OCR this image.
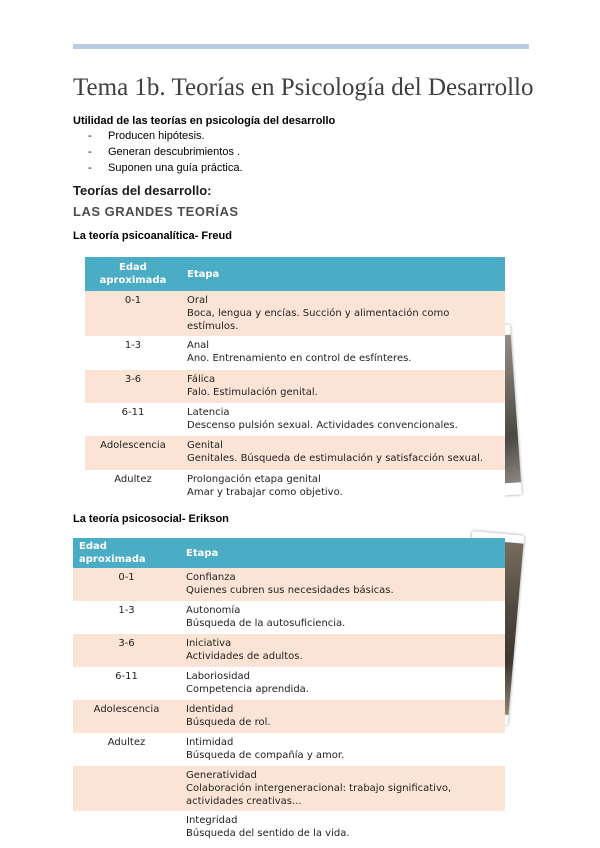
Tema 1b. Teorías en Psicología del Desarrollo
Utilidad de las teorías en psicología del desarrollo
- Producen hipótesis.
- Generan descubrimientos .
- Suponen una guía práctica.
Teorías del desarrollo:
LAS GRANDES TEORÍAS
La teoría psicoanalítica- Freud
Edad aproximada	Etapa
0-1	Oral
Boca, lengua y encías. Succión y alimentación como estímulos.

1-3	Anal
Ano. Entrenamiento en control de esfínteres.

3-6	Fálica
Falo. Estimulación genital.

6-11	Latencia
Descenso pulsión sexual. Actividades convencionales.

Adolescencia	Genital
Genitales. Búsqueda de estimulación y satisfacción sexual.

Adultez	Prolongación etapa genital
Amar y trabajar como objetivo.
La teoría psicosocial- Erikson
Edad aproximada	Etapa
0-1	Confianza
Quienes cubren sus necesidades básicas.

1-3	Autonomía
Búsqueda de la autosuficiencia.

3-6	Iniciativa
Actividades de adultos.

6-11	Laboriosidad
Competencia aprendida.

Adolescencia	Identidad
Búsqueda de rol.

Adultez	Intimidad
Búsqueda de compañía y amor.

	Generatividad
Colaboración intergeneracional: trabajo significativo, actividades creativas...

	Integridad
Búsqueda del sentido de la vida.
